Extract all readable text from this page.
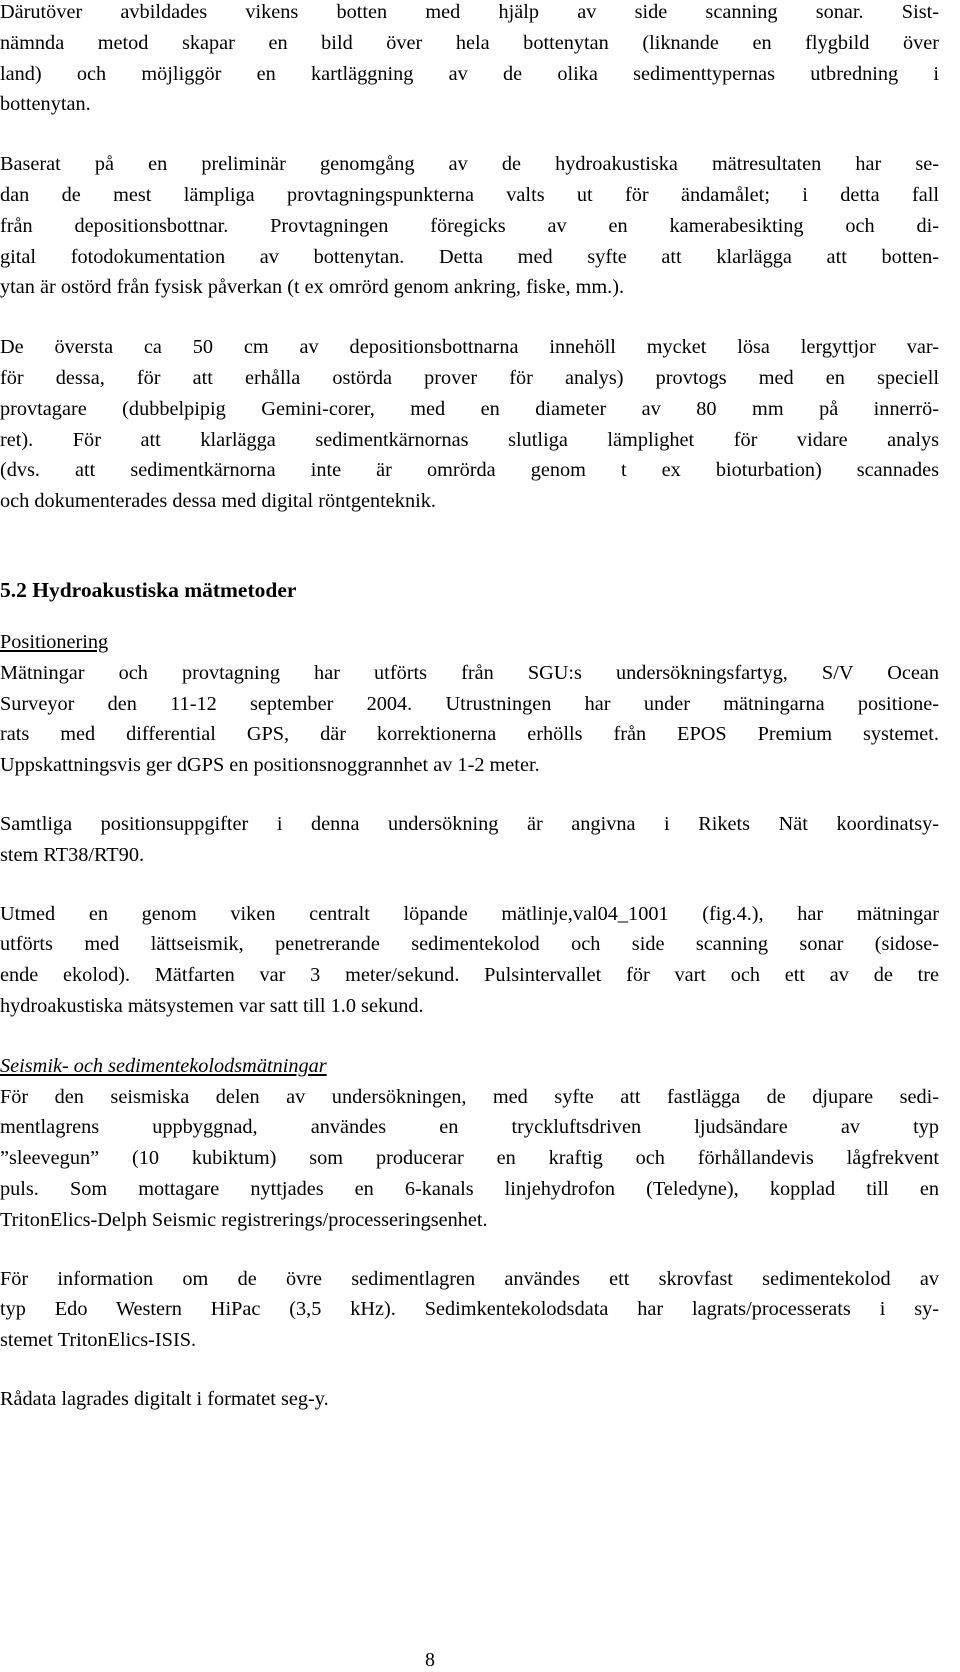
Därutöver avbildades vikens botten med hjälp av side scanning sonar. Sist-
nämnda metod skapar en bild över hela bottenytan (liknande en flygbild över
land) och möjliggör en kartläggning av de olika sedimenttypernas utbredning i
bottenytan.
Baserat på en preliminär genomgång av de hydroakustiska mätresultaten har se-
dan de mest lämpliga provtagningspunkterna valts ut för ändamålet; i detta fall
från depositionsbottnar. Provtagningen föregicks av en kamerabesikting och di-
gital fotodokumentation av bottenytan. Detta med syfte att klarlägga att botten-
ytan är ostörd från fysisk påverkan (t ex omrörd genom ankring, fiske, mm.).
De översta ca 50 cm av depositionsbottnarna innehöll mycket lösa lergyttjor var-
för dessa, för att erhålla ostörda prover för analys) provtogs med en speciell
provtagare (dubbelpipig Gemini-corer, med en diameter av 80 mm på innerrö-
ret). För att klarlägga sedimentkärnornas slutliga lämplighet för vidare analys
(dvs. att sedimentkärnorna inte är omrörda genom t ex bioturbation) scannades
och dokumenterades dessa med digital röntgenteknik.
5.2 Hydroakustiska mätmetoder
Positionering
Mätningar och provtagning har utförts från SGU:s undersökningsfartyg, S/V Ocean
Surveyor den 11-12 september 2004. Utrustningen har under mätningarna positione-
rats med differential GPS, där korrektionerna erhölls från EPOS Premium systemet.
Uppskattningsvis ger dGPS en positionsnoggrannhet av 1-2 meter.
Samtliga positionsuppgifter i denna undersökning är angivna i Rikets Nät koordinatsy-
stem RT38/RT90.
Utmed en genom viken centralt löpande mätlinje,val04_1001 (fig.4.), har mätningar
utförts med lättseismik, penetrerande sedimentekolod och side scanning sonar (sidose-
ende ekolod). Mätfarten var 3 meter/sekund. Pulsintervallet för vart och ett av de tre
hydroakustiska mätsystemen var satt till 1.0 sekund.
Seismik- och sedimentekolodsmätningar
För den seismiska delen av undersökningen, med syfte att fastlägga de djupare sedi-
mentlagrens uppbyggnad, användes en tryckluftsdriven ljudsändare av typ
”sleevegun” (10 kubiktum) som producerar en kraftig och förhållandevis lågfrekvent
puls. Som mottagare nyttjades en 6-kanals linjehydrofon (Teledyne), kopplad till en
TritonElics-Delph Seismic registrerings/processeringsenhet.
För information om de övre sedimentlagren användes ett skrovfast sedimentekolod av
typ Edo Western HiPac (3,5 kHz). Sedimkentekolodsdata har lagrats/processerats i sy-
stemet TritonElics-ISIS.
Rådata lagrades digitalt i formatet seg-y.
8
